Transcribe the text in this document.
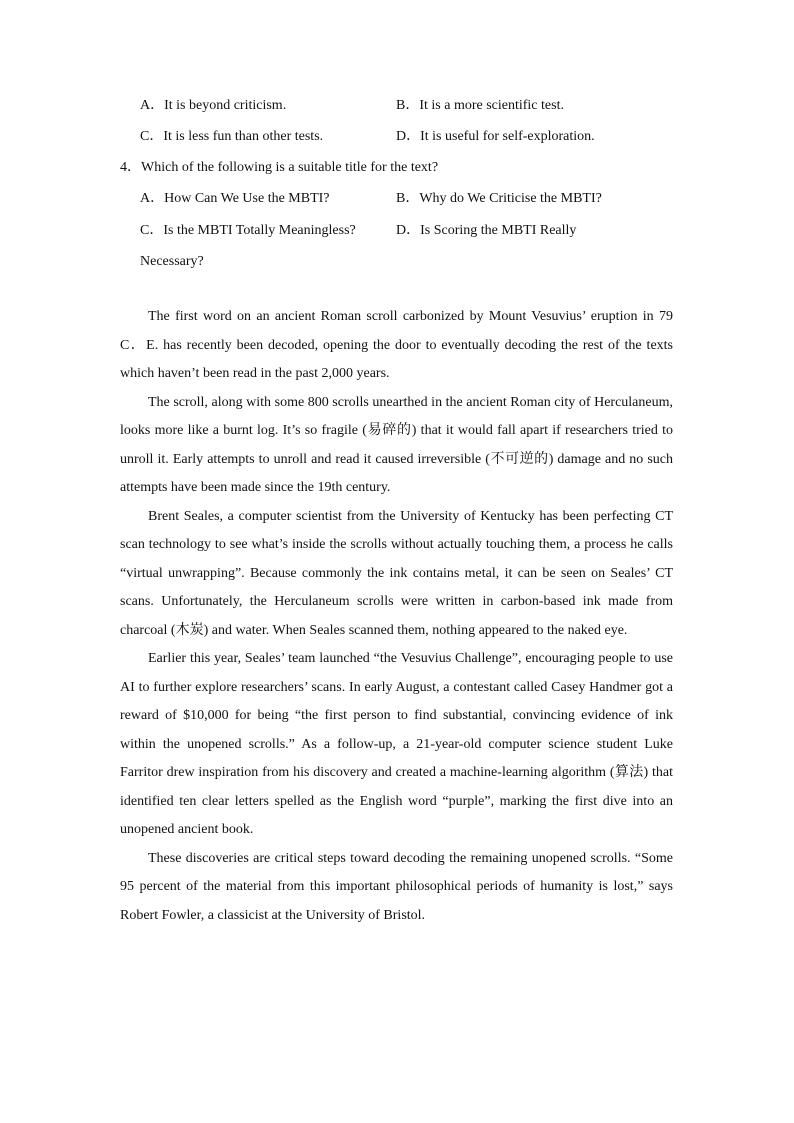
A．It is beyond criticism.	B．It is a more scientific test.
C．It is less fun than other tests.	D．It is useful for self-exploration.
4．Which of the following is a suitable title for the text?
A．How Can We Use the MBTI?	B．Why do We Criticise the MBTI?
C．Is the MBTI Totally Meaningless?	D．Is Scoring the MBTI Really
Necessary?

The first word on an ancient Roman scroll carbonized by Mount Vesuvius’ eruption in 79 C．E. has recently been decoded, opening the door to eventually decoding the rest of the texts which haven’t been read in the past 2,000 years.

The scroll, along with some 800 scrolls unearthed in the ancient Roman city of Herculaneum, looks more like a burnt log. It’s so fragile (易碎的) that it would fall apart if researchers tried to unroll it. Early attempts to unroll and read it caused irreversible (不可逆的) damage and no such attempts have been made since the 19th century.

Brent Seales, a computer scientist from the University of Kentucky has been perfecting CT scan technology to see what’s inside the scrolls without actually touching them, a process he calls “virtual unwrapping”. Because commonly the ink contains metal, it can be seen on Seales’ CT scans. Unfortunately, the Herculaneum scrolls were written in carbon-based ink made from charcoal (木炭) and water. When Seales scanned them, nothing appeared to the naked eye.

Earlier this year, Seales’ team launched “the Vesuvius Challenge”, encouraging people to use AI to further explore researchers’ scans. In early August, a contestant called Casey Handmer got a reward of $10,000 for being “the first person to find substantial, convincing evidence of ink within the unopened scrolls.” As a follow-up, a 21-year-old computer science student Luke Farritor drew inspiration from his discovery and created a machine-learning algorithm (算法) that identified ten clear letters spelled as the English word “purple”, marking the first dive into an unopened ancient book.

These discoveries are critical steps toward decoding the remaining unopened scrolls. “Some 95 percent of the material from this important philosophical periods of humanity is lost,” says Robert Fowler, a classicist at the University of Bristol.
